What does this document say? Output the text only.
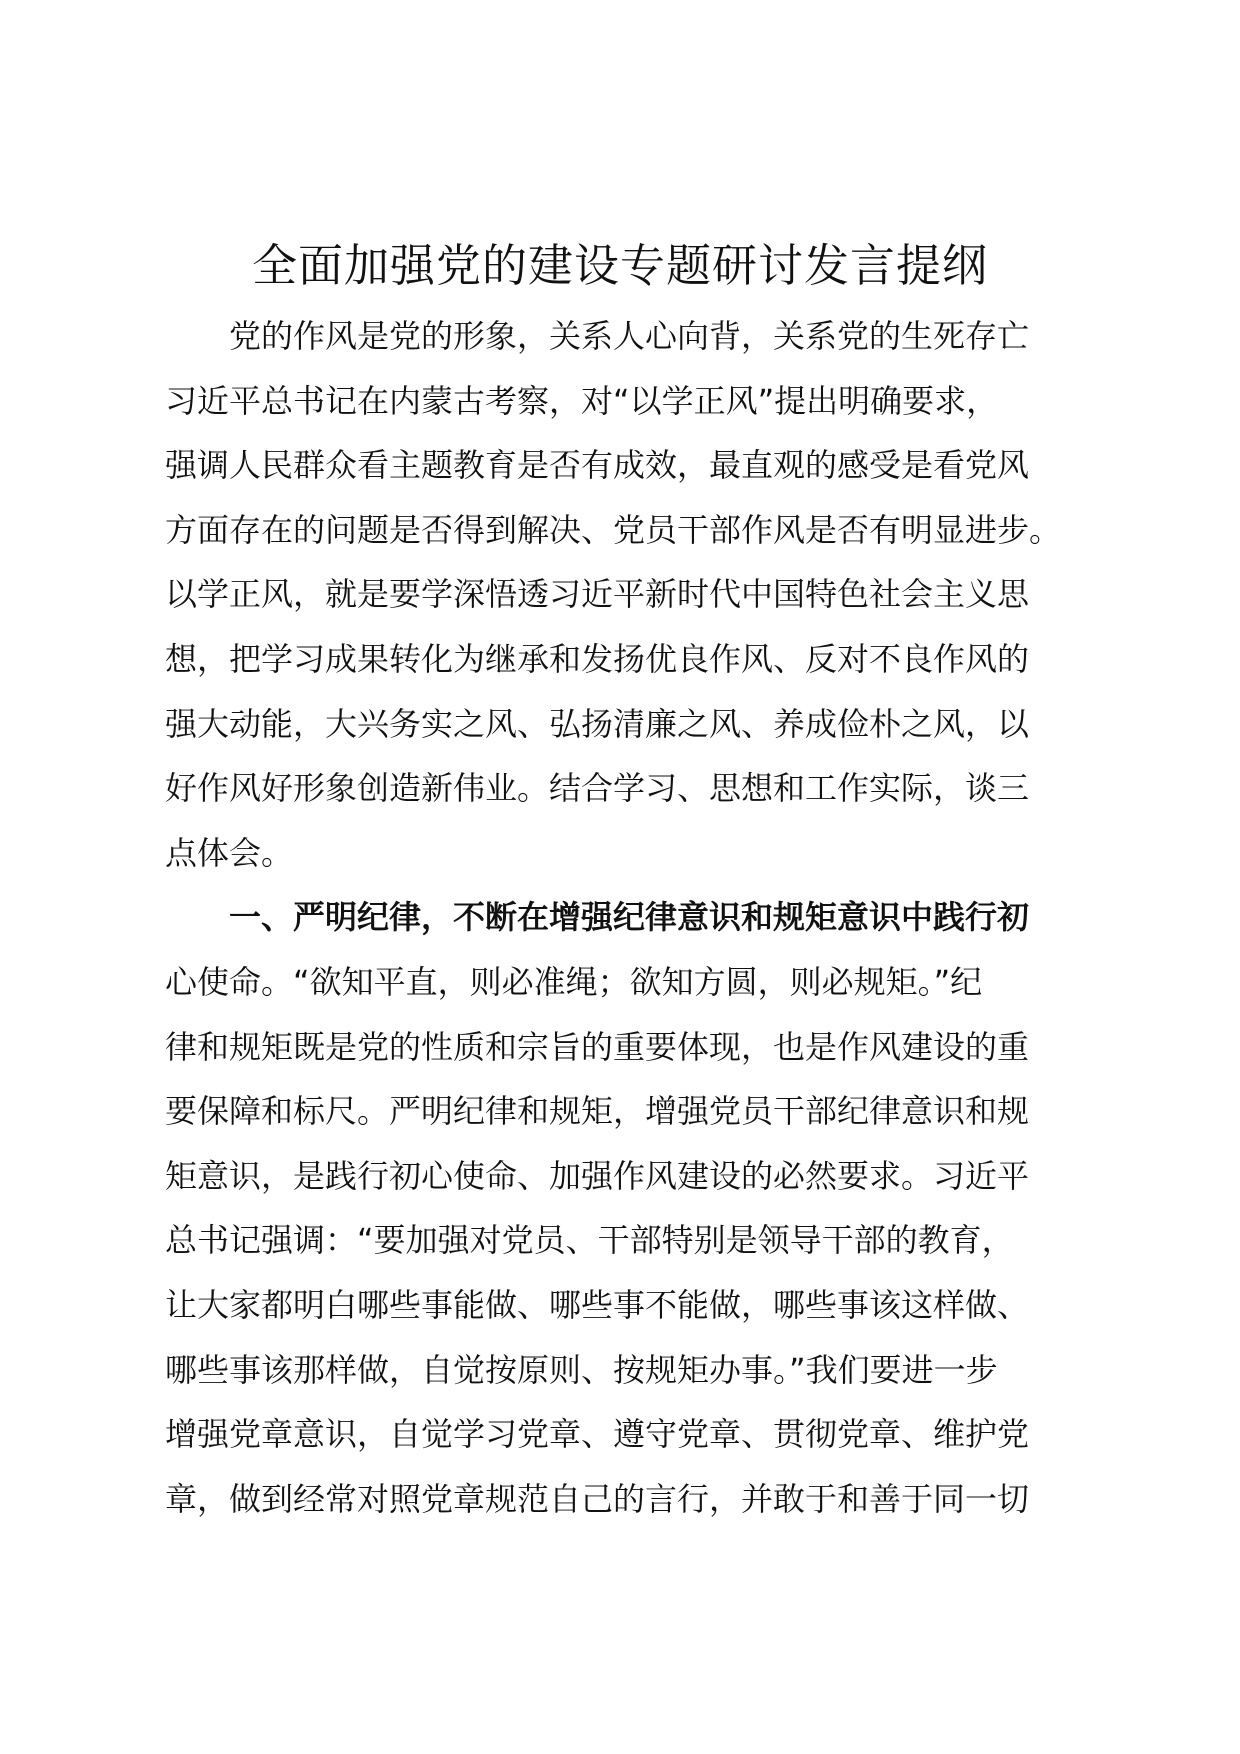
全面加强党的建设专题研讨发言提纲
　　党的作风是党的形象，关系人心向背，关系党的生死存亡
习近平总书记在内蒙古考察，对“以学正风”提出明确要求，
强调人民群众看主题教育是否有成效，最直观的感受是看党风
方面存在的问题是否得到解决、党员干部作风是否有明显进步。
以学正风，就是要学深悟透习近平新时代中国特色社会主义思
想，把学习成果转化为继承和发扬优良作风、反对不良作风的
强大动能，大兴务实之风、弘扬清廉之风、养成俭朴之风，以
好作风好形象创造新伟业。结合学习、思想和工作实际，谈三
点体会。
　　一、严明纪律，不断在增强纪律意识和规矩意识中践行初
心使命。“欲知平直，则必准绳；欲知方圆，则必规矩。”纪
律和规矩既是党的性质和宗旨的重要体现，也是作风建设的重
要保障和标尺。严明纪律和规矩，增强党员干部纪律意识和规
矩意识，是践行初心使命、加强作风建设的必然要求。习近平
总书记强调：“要加强对党员、干部特别是领导干部的教育，
让大家都明白哪些事能做、哪些事不能做，哪些事该这样做、
哪些事该那样做，自觉按原则、按规矩办事。”我们要进一步
增强党章意识，自觉学习党章、遵守党章、贯彻党章、维护党
章，做到经常对照党章规范自己的言行，并敢于和善于同一切
